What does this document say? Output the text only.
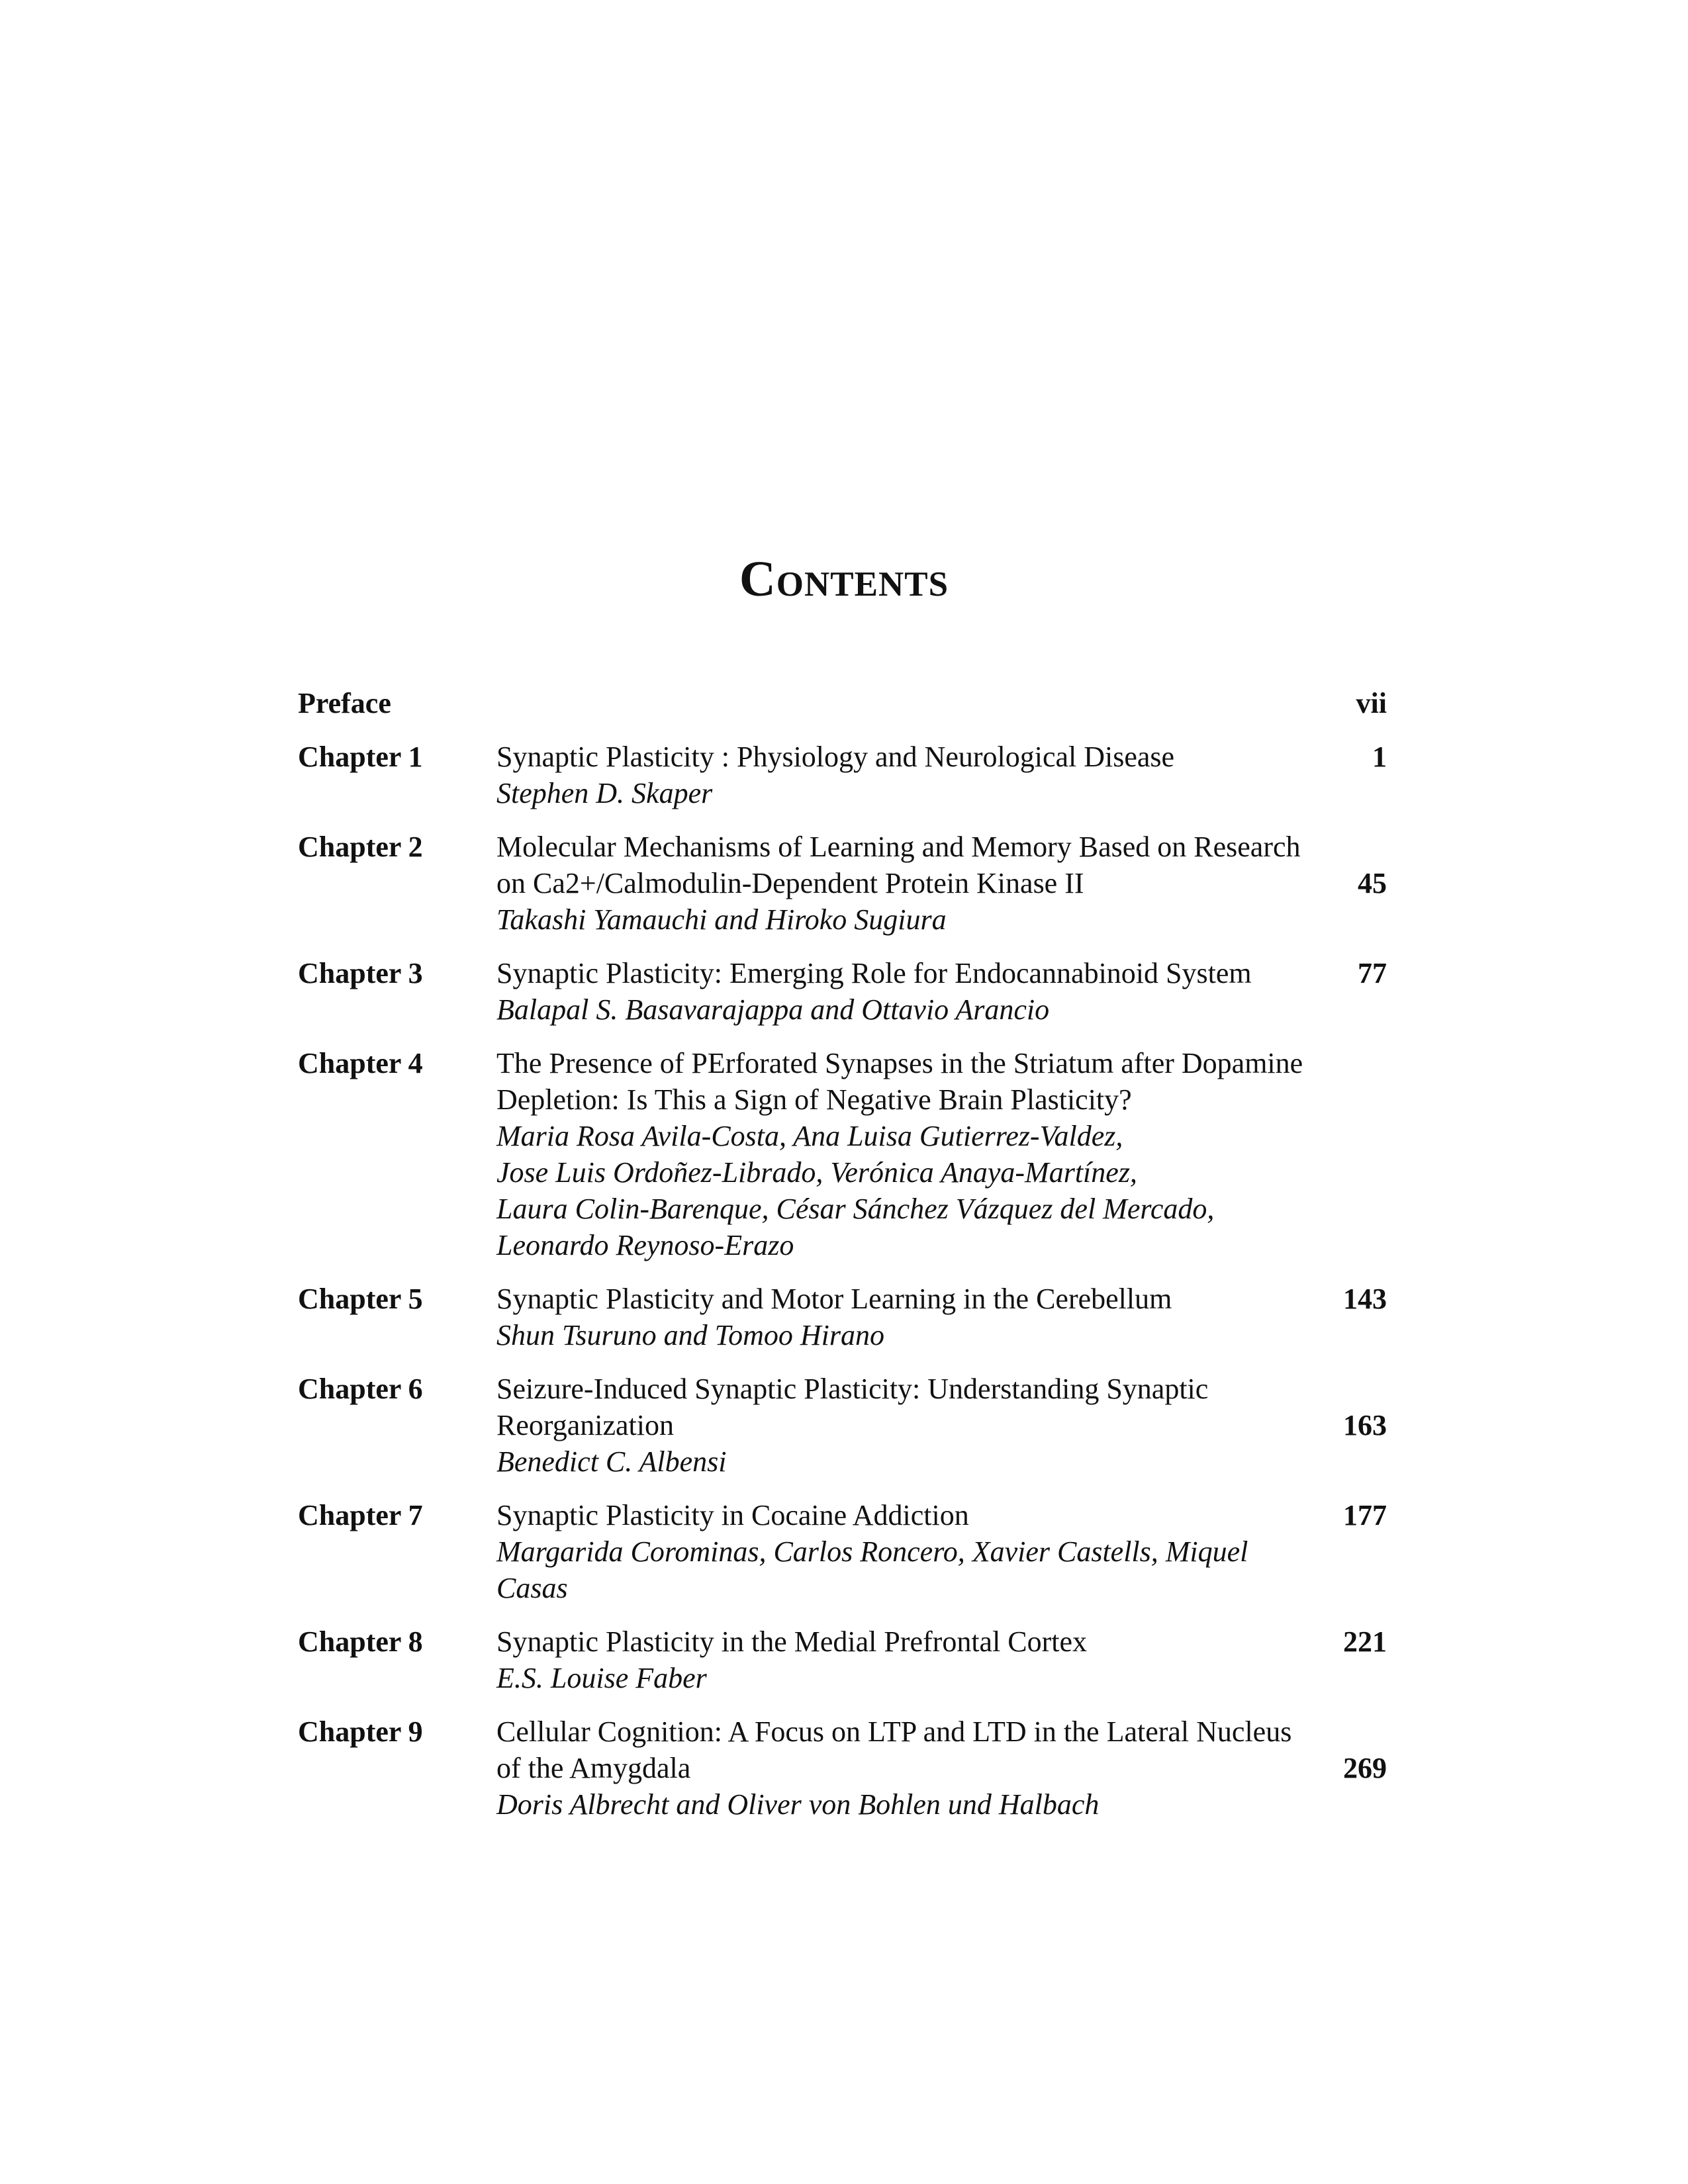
Contents
Preface	vii
Chapter 1	Synaptic Plasticity : Physiology and Neurological Disease
Stephen D. Skaper
1
Chapter 2	Molecular Mechanisms of Learning and Memory Based on Research
on Ca2+/Calmodulin-Dependent Protein Kinase II
Takashi Yamauchi and Hiroko Sugiura
45
Chapter 3	Synaptic Plasticity: Emerging Role for Endocannabinoid System
Balapal S. Basavarajappa and Ottavio Arancio
77
Chapter 4	The Presence of PErforated Synapses in the Striatum after Dopamine
Depletion: Is This a Sign of Negative Brain Plasticity?
Maria Rosa Avila-Costa, Ana Luisa Gutierrez-Valdez,
Jose Luis Ordoñez-Librado, Verónica Anaya-Martínez,
Laura Colin-Barenque, César Sánchez Vázquez del Mercado,
Leonardo Reynoso-Erazo
Chapter 5	Synaptic Plasticity and Motor Learning in the Cerebellum
Shun Tsuruno and Tomoo Hirano
143
Chapter 6	Seizure-Induced Synaptic Plasticity: Understanding Synaptic
Reorganization
Benedict C. Albensi
163
Chapter 7	Synaptic Plasticity in Cocaine Addiction
Margarida Corominas, Carlos Roncero, Xavier Castells, Miquel Casas
177
Chapter 8	Synaptic Plasticity in the Medial Prefrontal Cortex
E.S. Louise Faber
221
Chapter 9	Cellular Cognition: A Focus on LTP and LTD in the Lateral Nucleus
of the Amygdala
Doris Albrecht and Oliver von Bohlen und Halbach
269
